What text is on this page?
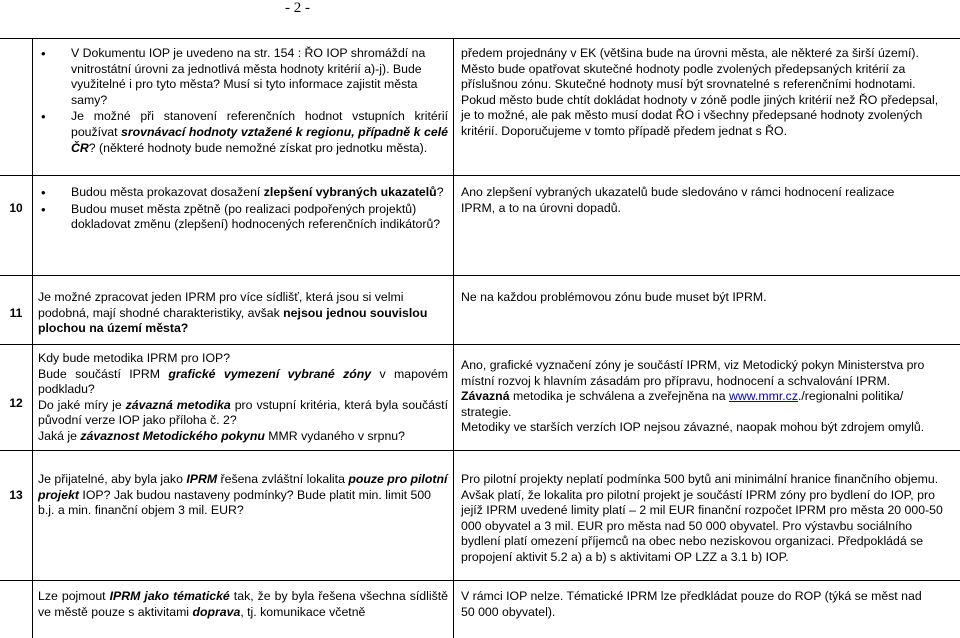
- 2 -
• V Dokumentu IOP je uvedeno na str. 154 : ŘO IOP shromáždí na vnitrostátní úrovni za jednotlivá města hodnoty kritérií a)-j). Bude využitelné i pro tyto města? Musí si tyto informace zajistit města samy?
• Je možné při stanovení referenčních hodnot vstupních kritérií používat srovnávací hodnoty vztažené k regionu, případně k celé ČR? (některé hodnoty bude nemožné získat pro jednotku města).

předem projednány v EK (většina bude na úrovni města, ale některé za širší území). Město bude opatřovat skutečné hodnoty podle zvolených předepsaných kritérií za příslušnou zónu. Skutečné hodnoty musí být srovnatelné s referenčními hodnotami. Pokud město bude chtít dokládat hodnoty v zóně podle jiných kritérií než ŘO předepsal, je to možné, ale pak město musí dodat ŘO i všechny předepsané hodnoty zvolených kritérií. Doporučujeme v tomto případě předem jednat s ŘO.

10
• Budou města prokazovat dosažení zlepšení vybraných ukazatelů?
• Budou muset města zpětně (po realizaci podpořených projektů) dokladovat změnu (zlepšení) hodnocených referenčních indikátorů?

Ano zlepšení vybraných ukazatelů bude sledováno v rámci hodnocení realizace IPRM, a to na úrovni dopadů.

11

Je možné zpracovat jeden IPRM pro více sídlišť, která jsou si velmi podobná, mají shodné charakteristiky, avšak nejsou jednou souvislou plochou na území města?

Ne na každou problémovou zónu bude muset být IPRM.

12

Kdy bude metodika IPRM pro IOP?

Bude součástí IPRM grafické vymezení vybrané zóny v mapovém podkladu?

Do jaké míry je závazná metodika pro vstupní kritéria, která byla součástí původní verze IOP jako příloha č. 2?

Jaká je závaznost Metodického pokynu MMR vydaného v srpnu?

Ano, grafické vyznačení zóny je součástí IPRM, viz Metodický pokyn Ministerstva pro místní rozvoj k hlavním zásadám pro přípravu, hodnocení a schvalování IPRM. Závazná metodika je schválena a zveřejněna na www.mmr.cz./regionalni politika/ strategie.

Metodiky ve starších verzích IOP nejsou závazné, naopak mohou být zdrojem omylů.

13

Je přijatelné, aby byla jako IPRM řešena zvláštní lokalita pouze pro pilotní projekt IOP? Jak budou nastaveny podmínky? Bude platit min. limit 500 b.j. a min. finanční objem 3 mil. EUR?

Pro pilotní projekty neplatí podmínka 500 bytů ani minimální hranice finančního objemu. Avšak platí, že lokalita pro pilotní projekt je součástí IPRM zóny pro bydlení do IOP, pro jejíž IPRM uvedené limity platí – 2 mil EUR finanční rozpočet IPRM pro města 20 000-50 000 obyvatel a 3 mil. EUR pro města nad 50 000 obyvatel. Pro výstavbu sociálního bydlení platí omezení příjemců na obec nebo neziskovou organizaci. Předpokládá se propojení aktivit 5.2 a) a b) s aktivitami OP LZZ a 3.1 b) IOP.

Lze pojmout IPRM jako tématické tak, že by byla řešena všechna sídliště ve městě pouze s aktivitami doprava, tj. komunikace včetně

V rámci IOP nelze. Tématické IPRM lze předkládat pouze do ROP (týká se měst nad 50 000 obyvatel).
